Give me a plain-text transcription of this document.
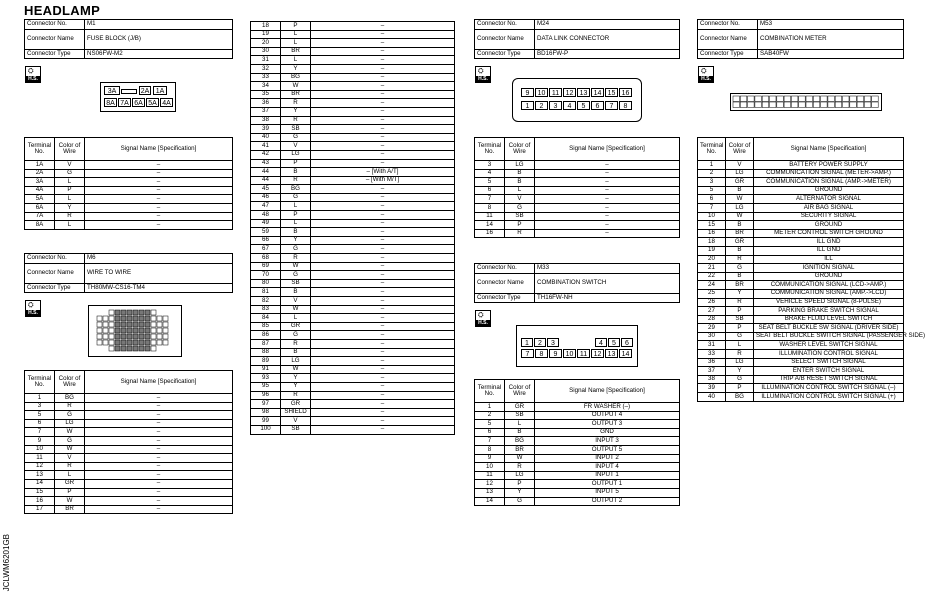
HEADLAMP
JCLWM6201GB
Connector No.	M1
Connector Name	FUSE BLOCK (J/B)
Connector Type	NS06FW-M2
⛭
H.S.
3A	2A 1A
8A 7A 6A 5A 4A
Terminal No.	Color of Wire	Signal Name [Specification]
1A	V	–
2A	G	–
3A	L	–
4A	P	–
5A	L	–
6A	Y	–
7A	R	–
8A	L	–
Connector No.	M6
Connector Name	WIRE TO WIRE
Connector Type	TH80MW-CS16-TM4
⛭
H.S.
Terminal No.	Color of Wire	Signal Name [Specification]
1	BG	–
3	R	–
5	G	–
6	LG	–
7	W	–
9	G	–
10	W	–
11	V	–
12	R	–
13	L	–
14	GR	–
15	P	–
16	W	–
17	BR	–
18	P	–
19	L	–
20	L	–
30	BR	–
31	L	–
32	Y	–
33	BG	–
34	W	–
35	BR	–
36	R	–
37	Y	–
38	R	–
39	SB	–
40	G	–
41	V	–
42	LG	–
43	P	–
44	B	– [With A/T]
44	R	– [With M/T]
45	BG	–
46	G	–
47	L	–
48	P	–
49	L	–
59	B	–
66	Y	–
67	G	–
68	R	–
69	W	–
70	G	–
80	SB	–
81	B	–
82	V	–
83	W	–
84	L	–
85	GR	–
86	G	–
87	R	–
88	B	–
89	LG	–
91	W	–
93	Y	–
95	Y	–
96	R	–
97	GR	–
98	SHIELD	–
99	V	–
100	SB	–
Connector No.	M24
Connector Name	DATA LINK CONNECTOR
Connector Type	BD16FW-P
⛭
H.S.
9	10 11 12 13 14 15 16
1	2	3	4	5	6	7	8
Terminal No.	Color of Wire	Signal Name [Specification]
3	LG	–
4	B	–
5	B	–
6	L	–
7	V	–
8	G	–
11	SB	–
14	P	–
16	R	–
Connector No.	M33
Connector Name	COMBINATION SWITCH
Connector Type	TH16FW-NH
⛭
H.S.
1	2	3	4	5	6
7	8	9	10 11 12 13 14
Terminal No.	Color of Wire	Signal Name [Specification]
1	GR	FR WASHER (–)
2	SB	OUTPUT 4
5	L	OUTPUT 3
6	B	GND
7	BG	INPUT 3
8	BR	OUTPUT 5
9	W	INPUT 2
10	R	INPUT 4
11	LG	INPUT 1
12	P	OUTPUT 1
13	Y	INPUT 5
14	G	OUTPUT 2
Connector No.	M53
Connector Name	COMBINATION METER
Connector Type	SAB40FW
⛭
H.S.
Terminal No.	Color of Wire	Signal Name [Specification]
1	V	BATTERY POWER SUPPLY
2	LG	COMMUNICATION SIGNAL (METER->AMP.)
3	GR	COMMUNICATION SIGNAL (AMP.->METER)
5	B	GROUND
6	W	ALTERNATOR SIGNAL
7	LG	AIR BAG SIGNAL
10	W	SECURITY SIGNAL
15	B	GROUND
16	BR	METER CONTROL SWITCH GROUND
18	GR	ILL GND
19	B	ILL GND
20	R	ILL
21	G	IGNITION SIGNAL
22	B	GROUND
24	BR	COMMUNICATION SIGNAL (LCD->AMP.)
25	Y	COMMUNICATION SIGNAL (AMP.->LCD)
26	R	VEHICLE SPEED SIGNAL (8-PULSE)
27	P	PARKING BRAKE SWITCH SIGNAL
28	SB	BRAKE FLUID LEVEL SWITCH
29	P	SEAT BELT BUCKLE SW SIGNAL (DRIVER SIDE)
30	G	SEAT BELT BUCKLE SWITCH SIGNAL (PASSENGER SIDE)
31	L	WASHER LEVEL SWITCH SIGNAL
33	R	ILLUMINATION CONTROL SIGNAL
36	LG	SELECT SWITCH SIGNAL
37	Y	ENTER SWITCH SIGNAL
38	G	TRIP A/B RESET SWITCH SIGNAL
39	P	ILLUMINATION CONTROL SWITCH SIGNAL (–)
40	BG	ILLUMINATION CONTROL SWITCH SIGNAL (+)
